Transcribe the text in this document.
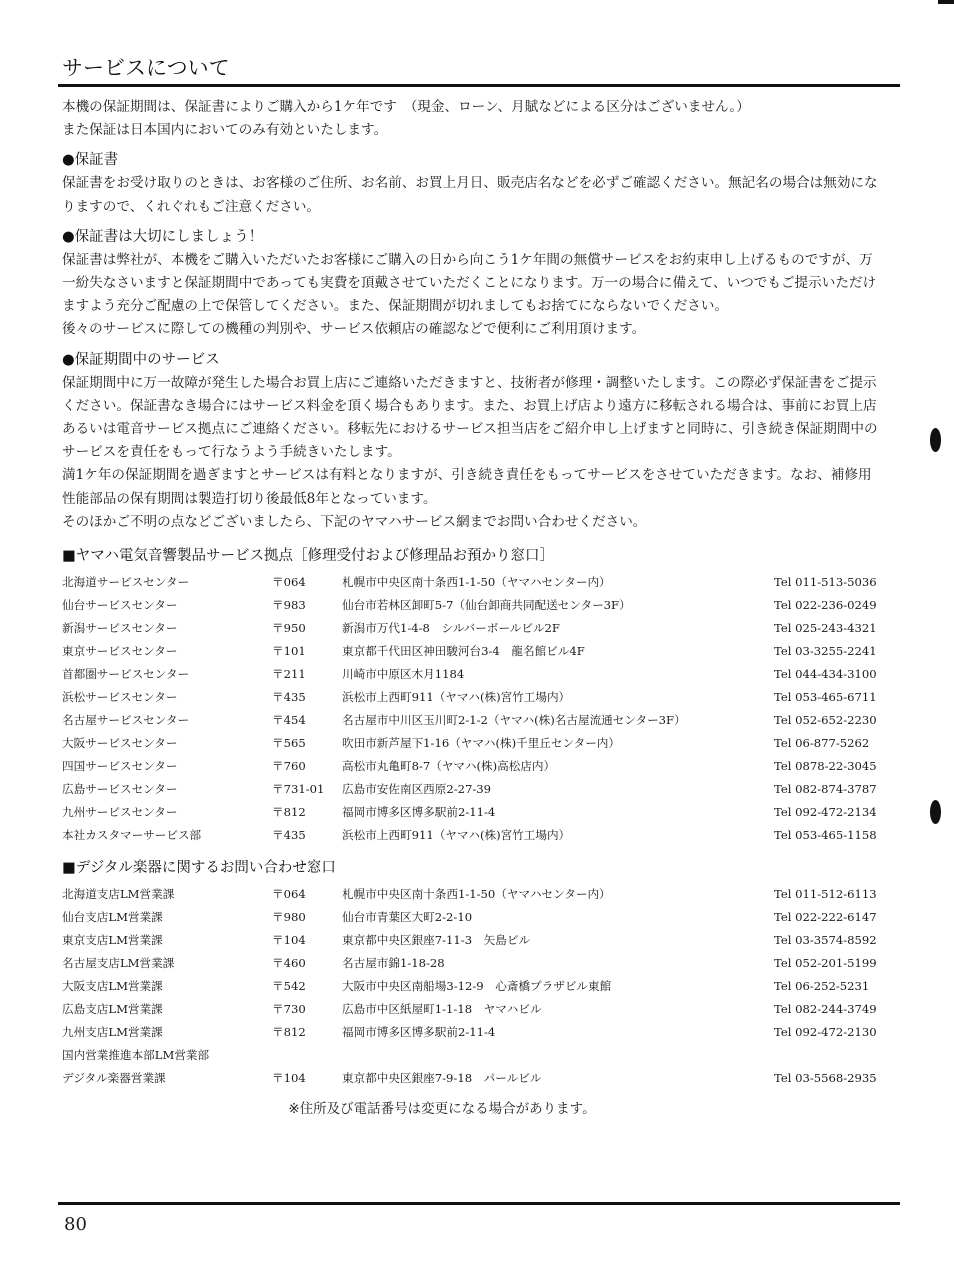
サービスについて

本機の保証期間は、保証書によりご購入から1ケ年です　（現金、ローン、月賦などによる区分はございません。）

また保証は日本国内においてのみ有効といたします。

●保証書

保証書をお受け取りのときは、お客様のご住所、お名前、お買上月日、販売店名などを必ずご確認ください。無記名の場合は無効になりますので、くれぐれもご注意ください。

●保証書は大切にしましょう！

保証書は弊社が、本機をご購入いただいたお客様にご購入の日から向こう1ケ年間の無償サービスをお約束申し上げるものですが、万一紛失なさいますと保証期間中であっても実費を頂戴させていただくことになります。万一の場合に備えて、いつでもご提示いただけますよう充分ご配慮の上で保管してください。また、保証期間が切れましてもお捨てにならないでください。

後々のサービスに際しての機種の判別や、サービス依頼店の確認などで便利にご利用頂けます。

●保証期間中のサービス

保証期間中に万一故障が発生した場合お買上店にご連絡いただきますと、技術者が修理・調整いたします。この際必ず保証書をご提示ください。保証書なき場合にはサービス料金を頂く場合もあります。また、お買上げ店より遠方に移転される場合は、事前にお買上店あるいは電音サービス拠点にご連絡ください。移転先におけるサービス担当店をご紹介申し上げますと同時に、引き続き保証期間中のサービスを責任をもって行なうよう手続きいたします。

満1ケ年の保証期間を過ぎますとサービスは有料となりますが、引き続き責任をもってサービスをさせていただきます。なお、補修用性能部品の保有期間は製造打切り後最低8年となっています。

そのほかご不明の点などございましたら、下記のヤマハサービス網までお問い合わせください。

■ヤマハ電気音響製品サービス拠点［修理受付および修理品お預かり窓口］
北海道サービスセンター	〒064	札幌市中央区南十条西1-1-50（ヤマハセンター内）	Tel 011-513-5036
仙台サービスセンター	〒983	仙台市若林区卸町5-7（仙台卸商共同配送センター3F）	Tel 022-236-0249
新潟サービスセンター	〒950	新潟市万代1-4-8　シルバーボールビル2F	Tel 025-243-4321
東京サービスセンター	〒101	東京都千代田区神田駿河台3-4　龍名館ビル4F	Tel 03-3255-2241
首都圏サービスセンター	〒211	川崎市中原区木月1184	Tel 044-434-3100
浜松サービスセンター	〒435	浜松市上西町911（ヤマハ(株)宮竹工場内）	Tel 053-465-6711
名古屋サービスセンター	〒454	名古屋市中川区玉川町2-1-2（ヤマハ(株)名古屋流通センター3F）	Tel 052-652-2230
大阪サービスセンター	〒565	吹田市新芦屋下1-16（ヤマハ(株)千里丘センター内）	Tel 06-877-5262
四国サービスセンター	〒760	高松市丸亀町8-7（ヤマハ(株)高松店内）	Tel 0878-22-3045
広島サービスセンター	〒731-01	広島市安佐南区西原2-27-39	Tel 082-874-3787
九州サービスセンター	〒812	福岡市博多区博多駅前2-11-4	Tel 092-472-2134
本社カスタマーサービス部	〒435	浜松市上西町911（ヤマハ(株)宮竹工場内）	Tel 053-465-1158
■デジタル楽器に関するお問い合わせ窓口
北海道支店LM営業課	〒064	札幌市中央区南十条西1-1-50（ヤマハセンター内）	Tel 011-512-6113
仙台支店LM営業課	〒980	仙台市青葉区大町2-2-10	Tel 022-222-6147
東京支店LM営業課	〒104	東京都中央区銀座7-11-3　矢島ビル	Tel 03-3574-8592
名古屋支店LM営業課	〒460	名古屋市錦1-18-28	Tel 052-201-5199
大阪支店LM営業課	〒542	大阪市中央区南船場3-12-9　心斎橋プラザビル東館	Tel 06-252-5231
広島支店LM営業課	〒730	広島市中区紙屋町1-1-18　ヤマハビル	Tel 082-244-3749
九州支店LM営業課	〒812	福岡市博多区博多駅前2-11-4	Tel 092-472-2130
国内営業推進本部LM営業部			
デジタル楽器営業課	〒104	東京都中央区銀座7-9-18　パールビル	Tel 03-5568-2935
※住所及び電話番号は変更になる場合があります。
80
